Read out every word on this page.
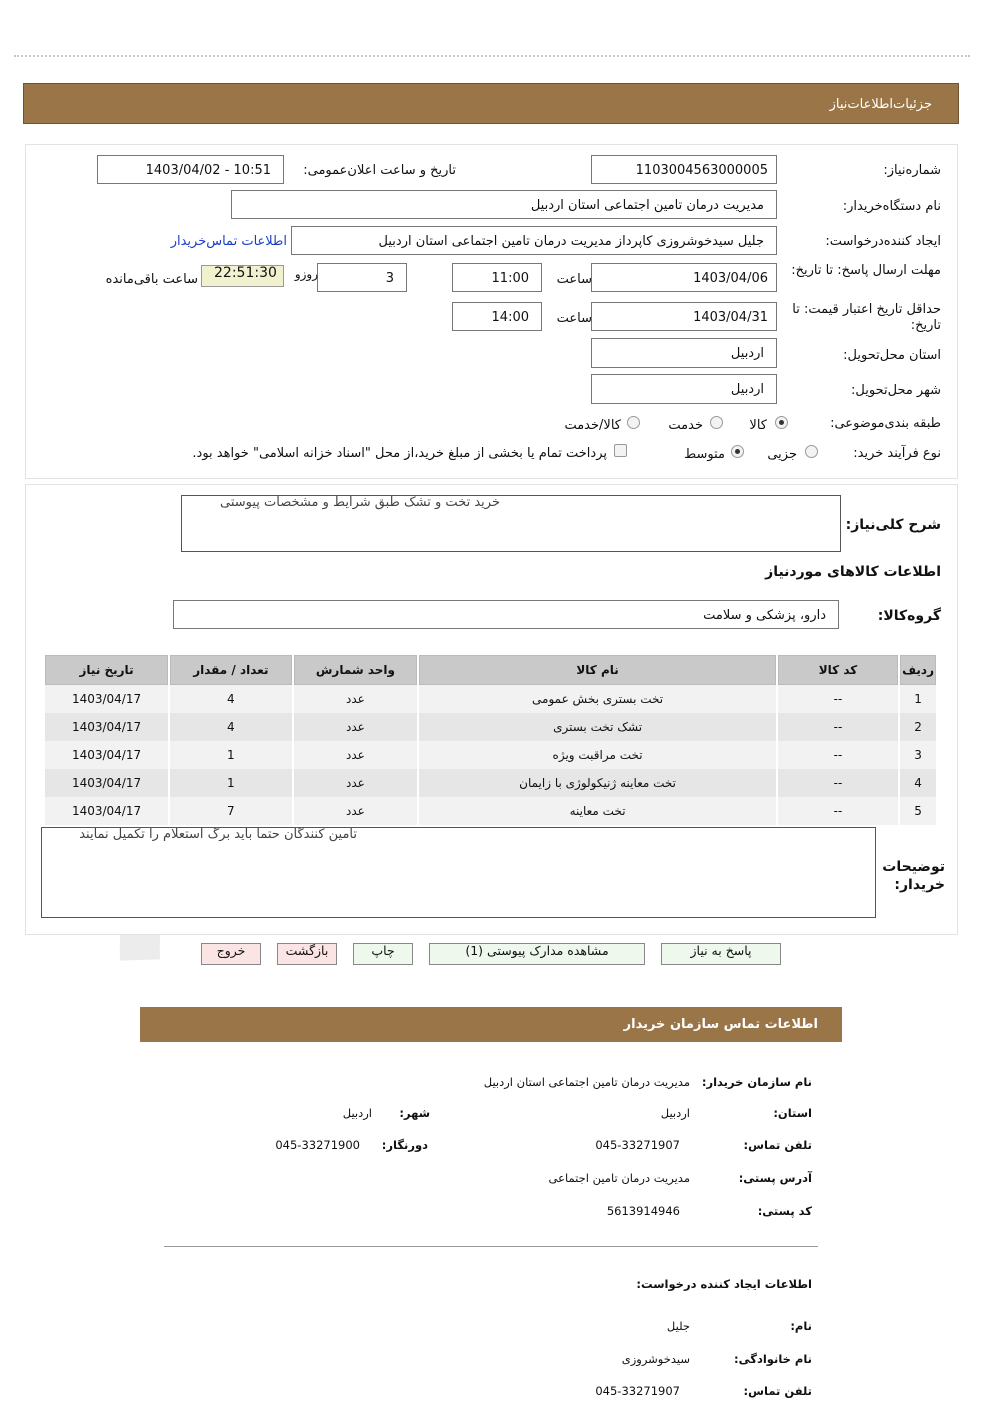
جزئیات‌اطلاعات‌نیاز
شماره‌نیاز:
1103004563000005
تاریخ و ساعت اعلان‌عمومی:
1403/04/02 - 10:51
نام دستگاه‌خریدار:
مدیریت درمان تامین اجتماعی استان اردبیل
ایجاد کننده‌درخواست:
جلیل سیدخوشروزی کاپرداز مدیریت درمان تامین اجتماعی استان اردبیل
اطلاعات تماس‌خریدار
مهلت ارسال پاسخ: تا تاریخ:
1403/04/06
ساعت
11:00
3
روزو
22:51:30
ساعت باقی‌مانده
حداقل تاریخ اعتبار قیمت: تا تاریخ:
1403/04/31
ساعت
14:00
استان محل‌تحویل:
اردبیل
شهر محل‌تحویل:
اردبیل
طبقه بندی‌موضوعی:
کالا
خدمت
کالا/خدمت
نوع فرآیند خرید:
جزیی
متوسط
پرداخت تمام یا بخشی از مبلغ خرید،از محل "اسناد خزانه اسلامی" خواهد بود.
شرح کلی‌نیاز:
خرید تخت و تشک طبق شرایط و مشخصات پیوستی
اطلاعات کالاهای موردنیاز
گروه‌کالا:
دارو، پزشکی و سلامت
ردیف	کد کالا	نام کالا	واحد شمارش	تعداد / مقدار	تاریخ نیاز
1	--	تخت بستری بخش عمومی	عدد	4	1403/04/17
2	--	تشک تخت بستری	عدد	4	1403/04/17
3	--	تخت مراقبت ویژه	عدد	1	1403/04/17
4	--	تخت معاینه ژنیکولوژی با زایمان	عدد	1	1403/04/17
5	--	تخت معاینه	عدد	7	1403/04/17
توضیحات خریدار:
تامین کنندگان حتما باید برگ استعلام را تکمیل نمایند
پاسخ به نیاز
مشاهده مدارک پیوستی (1)
چاپ
بازگشت
خروج
اطلاعات تماس سازمان خریدار
نام سازمان خریدار:
مدیریت درمان تامین اجتماعی استان اردبیل
استان:
اردبیل
شهر:
اردبیل
تلفن تماس:
045-33271907
دورنگار:
045-33271900
آدرس پستی:
مدیریت درمان تامین اجتماعی
کد پستی:
5613914946
اطلاعات ایجاد کننده درخواست:
نام:
جلیل
نام خانوادگی:
سیدخوشروزی
تلفن تماس:
045-33271907
